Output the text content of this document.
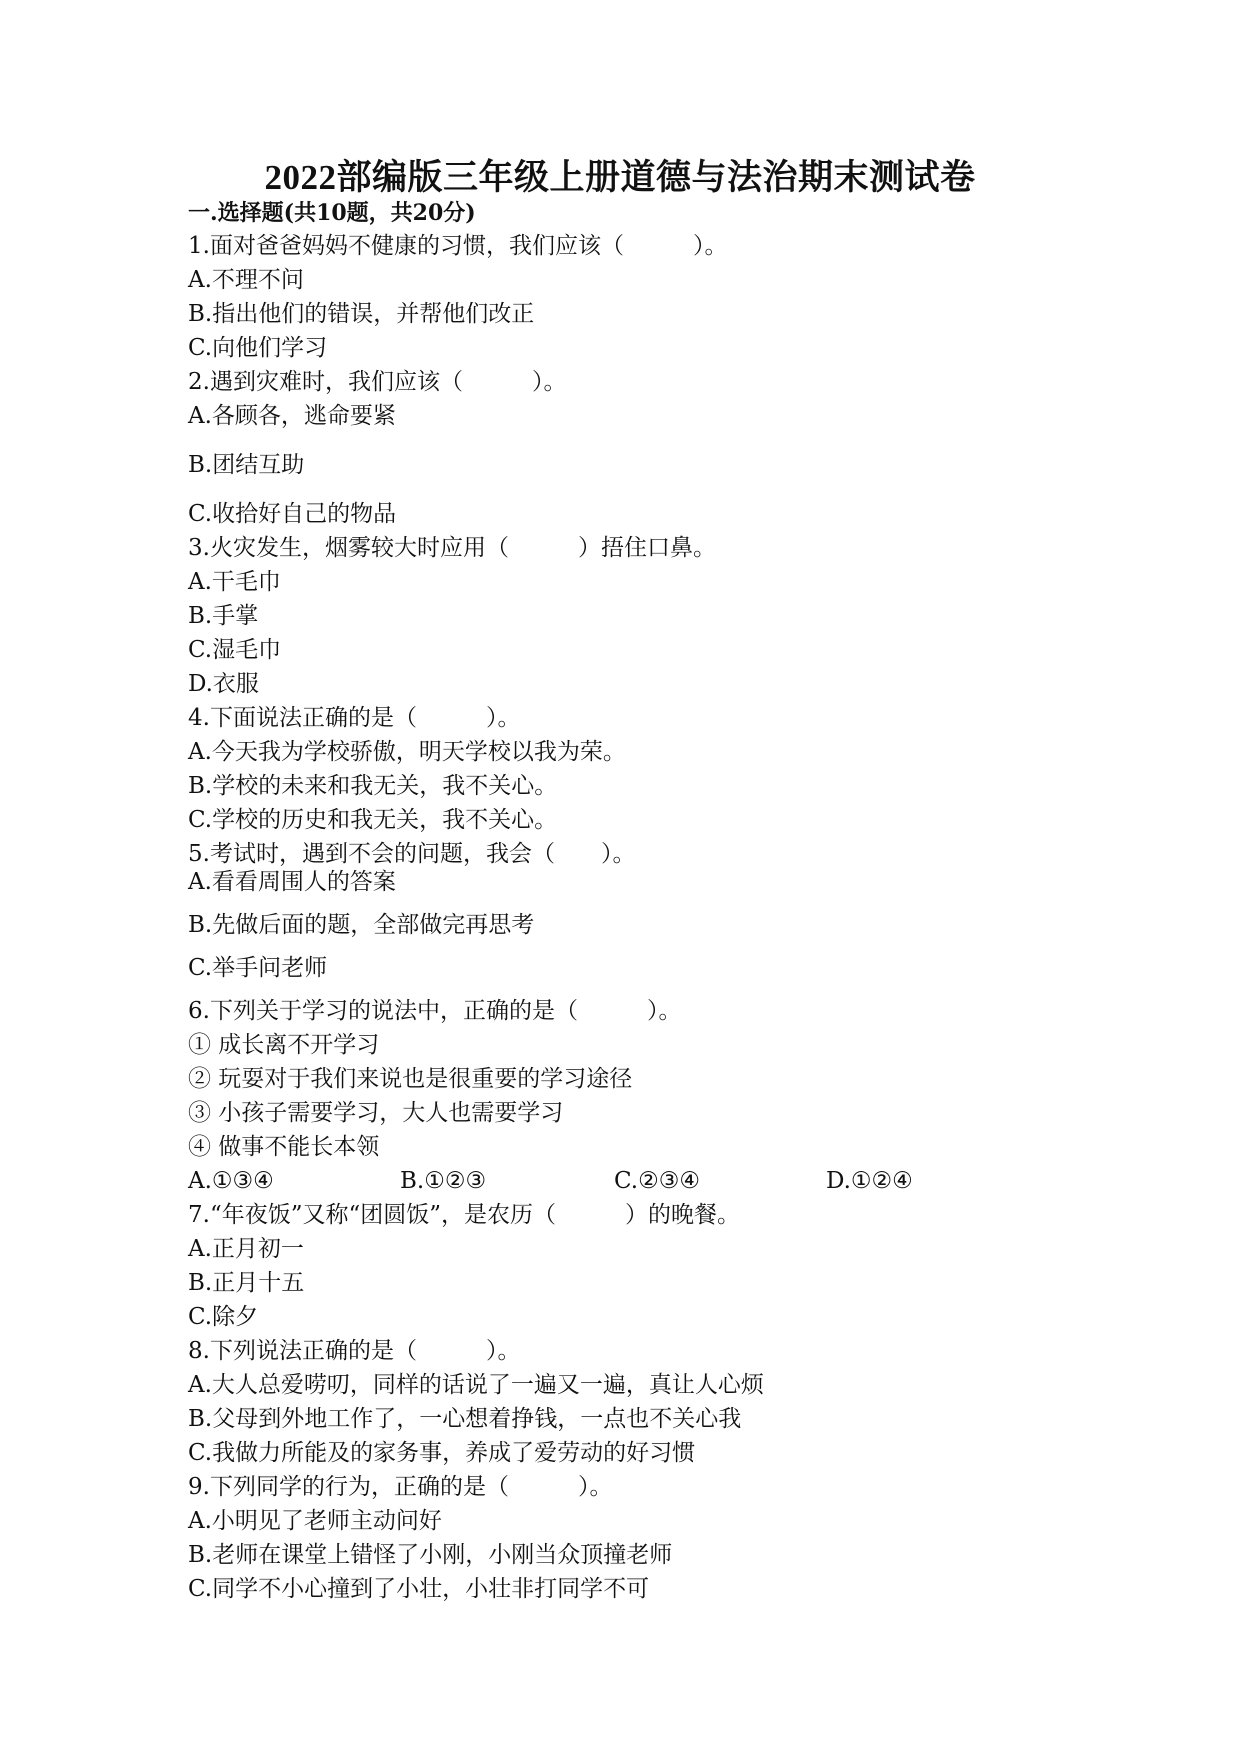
2022部编版三年级上册道德与法治期末测试卷
一.选择题(共10题，共20分)
1.面对爸爸妈妈不健康的习惯，我们应该（　　　）。
A.不理不问
B.指出他们的错误，并帮他们改正
C.向他们学习
2.遇到灾难时，我们应该（　　　）。
A.各顾各，逃命要紧
B.团结互助
C.收拾好自己的物品
3.火灾发生，烟雾较大时应用（　　　）捂住口鼻。
A.干毛巾
B.手掌
C.湿毛巾
D.衣服
4.下面说法正确的是（　　　）。
A.今天我为学校骄傲，明天学校以我为荣。
B.学校的未来和我无关，我不关心。
C.学校的历史和我无关，我不关心。
5.考试时，遇到不会的问题，我会（　　）。
A.看看周围人的答案
B.先做后面的题，全部做完再思考
C.举手问老师
6.下列关于学习的说法中，正确的是（　　　）。
① 成长离不开学习
② 玩耍对于我们来说也是很重要的学习途径
③ 小孩子需要学习，大人也需要学习
④ 做事不能长本领
A.①③④	B.①②③	C.②③④	D.①②④
7.“年夜饭”又称“团圆饭”，是农历（　　　）的晚餐。
A.正月初一
B.正月十五
C.除夕
8.下列说法正确的是（　　　）。
A.大人总爱唠叨，同样的话说了一遍又一遍，真让人心烦
B.父母到外地工作了，一心想着挣钱，一点也不关心我
C.我做力所能及的家务事，养成了爱劳动的好习惯
9.下列同学的行为，正确的是（　　　）。
A.小明见了老师主动问好
B.老师在课堂上错怪了小刚，小刚当众顶撞老师
C.同学不小心撞到了小壮，小壮非打同学不可
